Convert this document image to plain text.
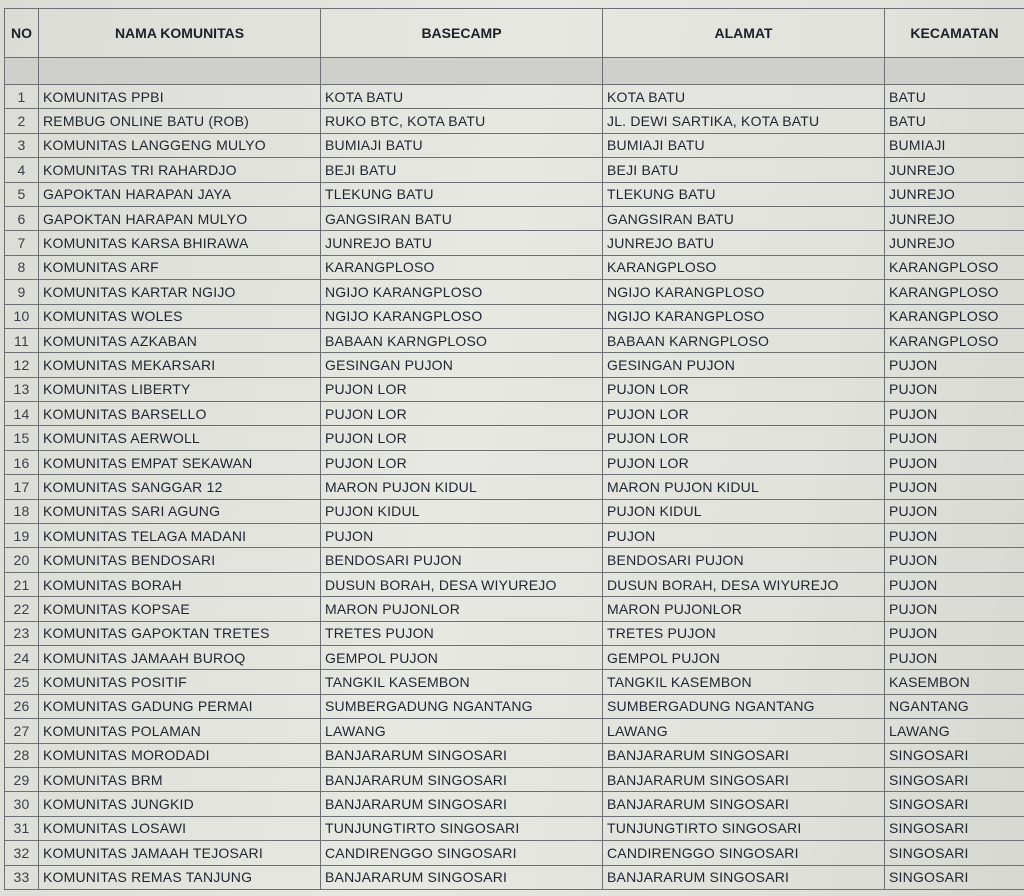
NO	NAMA KOMUNITAS	BASECAMP	ALAMAT	KECAMATAN

1	KOMUNITAS PPBI	KOTA BATU	KOTA BATU	BATU
2	REMBUG ONLINE BATU (ROB)	RUKO BTC, KOTA BATU	JL. DEWI SARTIKA, KOTA BATU	BATU
3	KOMUNITAS LANGGENG MULYO	BUMIAJI BATU	BUMIAJI BATU	BUMIAJI
4	KOMUNITAS TRI RAHARDJO	BEJI BATU	BEJI BATU	JUNREJO
5	GAPOKTAN HARAPAN JAYA	TLEKUNG BATU	TLEKUNG BATU	JUNREJO
6	GAPOKTAN HARAPAN MULYO	GANGSIRAN BATU	GANGSIRAN BATU	JUNREJO
7	KOMUNITAS KARSA BHIRAWA	JUNREJO BATU	JUNREJO BATU	JUNREJO
8	KOMUNITAS ARF	KARANGPLOSO	KARANGPLOSO	KARANGPLOSO
9	KOMUNITAS KARTAR NGIJO	NGIJO KARANGPLOSO	NGIJO KARANGPLOSO	KARANGPLOSO
10	KOMUNITAS WOLES	NGIJO KARANGPLOSO	NGIJO KARANGPLOSO	KARANGPLOSO
11	KOMUNITAS AZKABAN	BABAAN KARNGPLOSO	BABAAN KARNGPLOSO	KARANGPLOSO
12	KOMUNITAS MEKARSARI	GESINGAN PUJON	GESINGAN PUJON	PUJON
13	KOMUNITAS LIBERTY	PUJON LOR	PUJON LOR	PUJON
14	KOMUNITAS BARSELLO	PUJON LOR	PUJON LOR	PUJON
15	KOMUNITAS AERWOLL	PUJON LOR	PUJON LOR	PUJON
16	KOMUNITAS EMPAT SEKAWAN	PUJON LOR	PUJON LOR	PUJON
17	KOMUNITAS SANGGAR 12	MARON PUJON KIDUL	MARON PUJON KIDUL	PUJON
18	KOMUNITAS SARI AGUNG	PUJON KIDUL	PUJON KIDUL	PUJON
19	KOMUNITAS TELAGA MADANI	PUJON	PUJON	PUJON
20	KOMUNITAS BENDOSARI	BENDOSARI PUJON	BENDOSARI PUJON	PUJON
21	KOMUNITAS BORAH	DUSUN BORAH, DESA WIYUREJO	DUSUN BORAH, DESA WIYUREJO	PUJON
22	KOMUNITAS KOPSAE	MARON PUJONLOR	MARON PUJONLOR	PUJON
23	KOMUNITAS GAPOKTAN TRETES	TRETES PUJON	TRETES PUJON	PUJON
24	KOMUNITAS JAMAAH BUROQ	GEMPOL PUJON	GEMPOL PUJON	PUJON
25	KOMUNITAS POSITIF	TANGKIL KASEMBON	TANGKIL KASEMBON	KASEMBON
26	KOMUNITAS GADUNG PERMAI	SUMBERGADUNG NGANTANG	SUMBERGADUNG NGANTANG	NGANTANG
27	KOMUNITAS POLAMAN	LAWANG	LAWANG	LAWANG
28	KOMUNITAS MORODADI	BANJARARUM SINGOSARI	BANJARARUM SINGOSARI	SINGOSARI
29	KOMUNITAS BRM	BANJARARUM SINGOSARI	BANJARARUM SINGOSARI	SINGOSARI
30	KOMUNITAS JUNGKID	BANJARARUM SINGOSARI	BANJARARUM SINGOSARI	SINGOSARI
31	KOMUNITAS LOSAWI	TUNJUNGTIRTO SINGOSARI	TUNJUNGTIRTO SINGOSARI	SINGOSARI
32	KOMUNITAS JAMAAH TEJOSARI	CANDIRENGGO SINGOSARI	CANDIRENGGO SINGOSARI	SINGOSARI
33	KOMUNITAS REMAS TANJUNG	BANJARARUM SINGOSARI	BANJARARUM SINGOSARI	SINGOSARI
